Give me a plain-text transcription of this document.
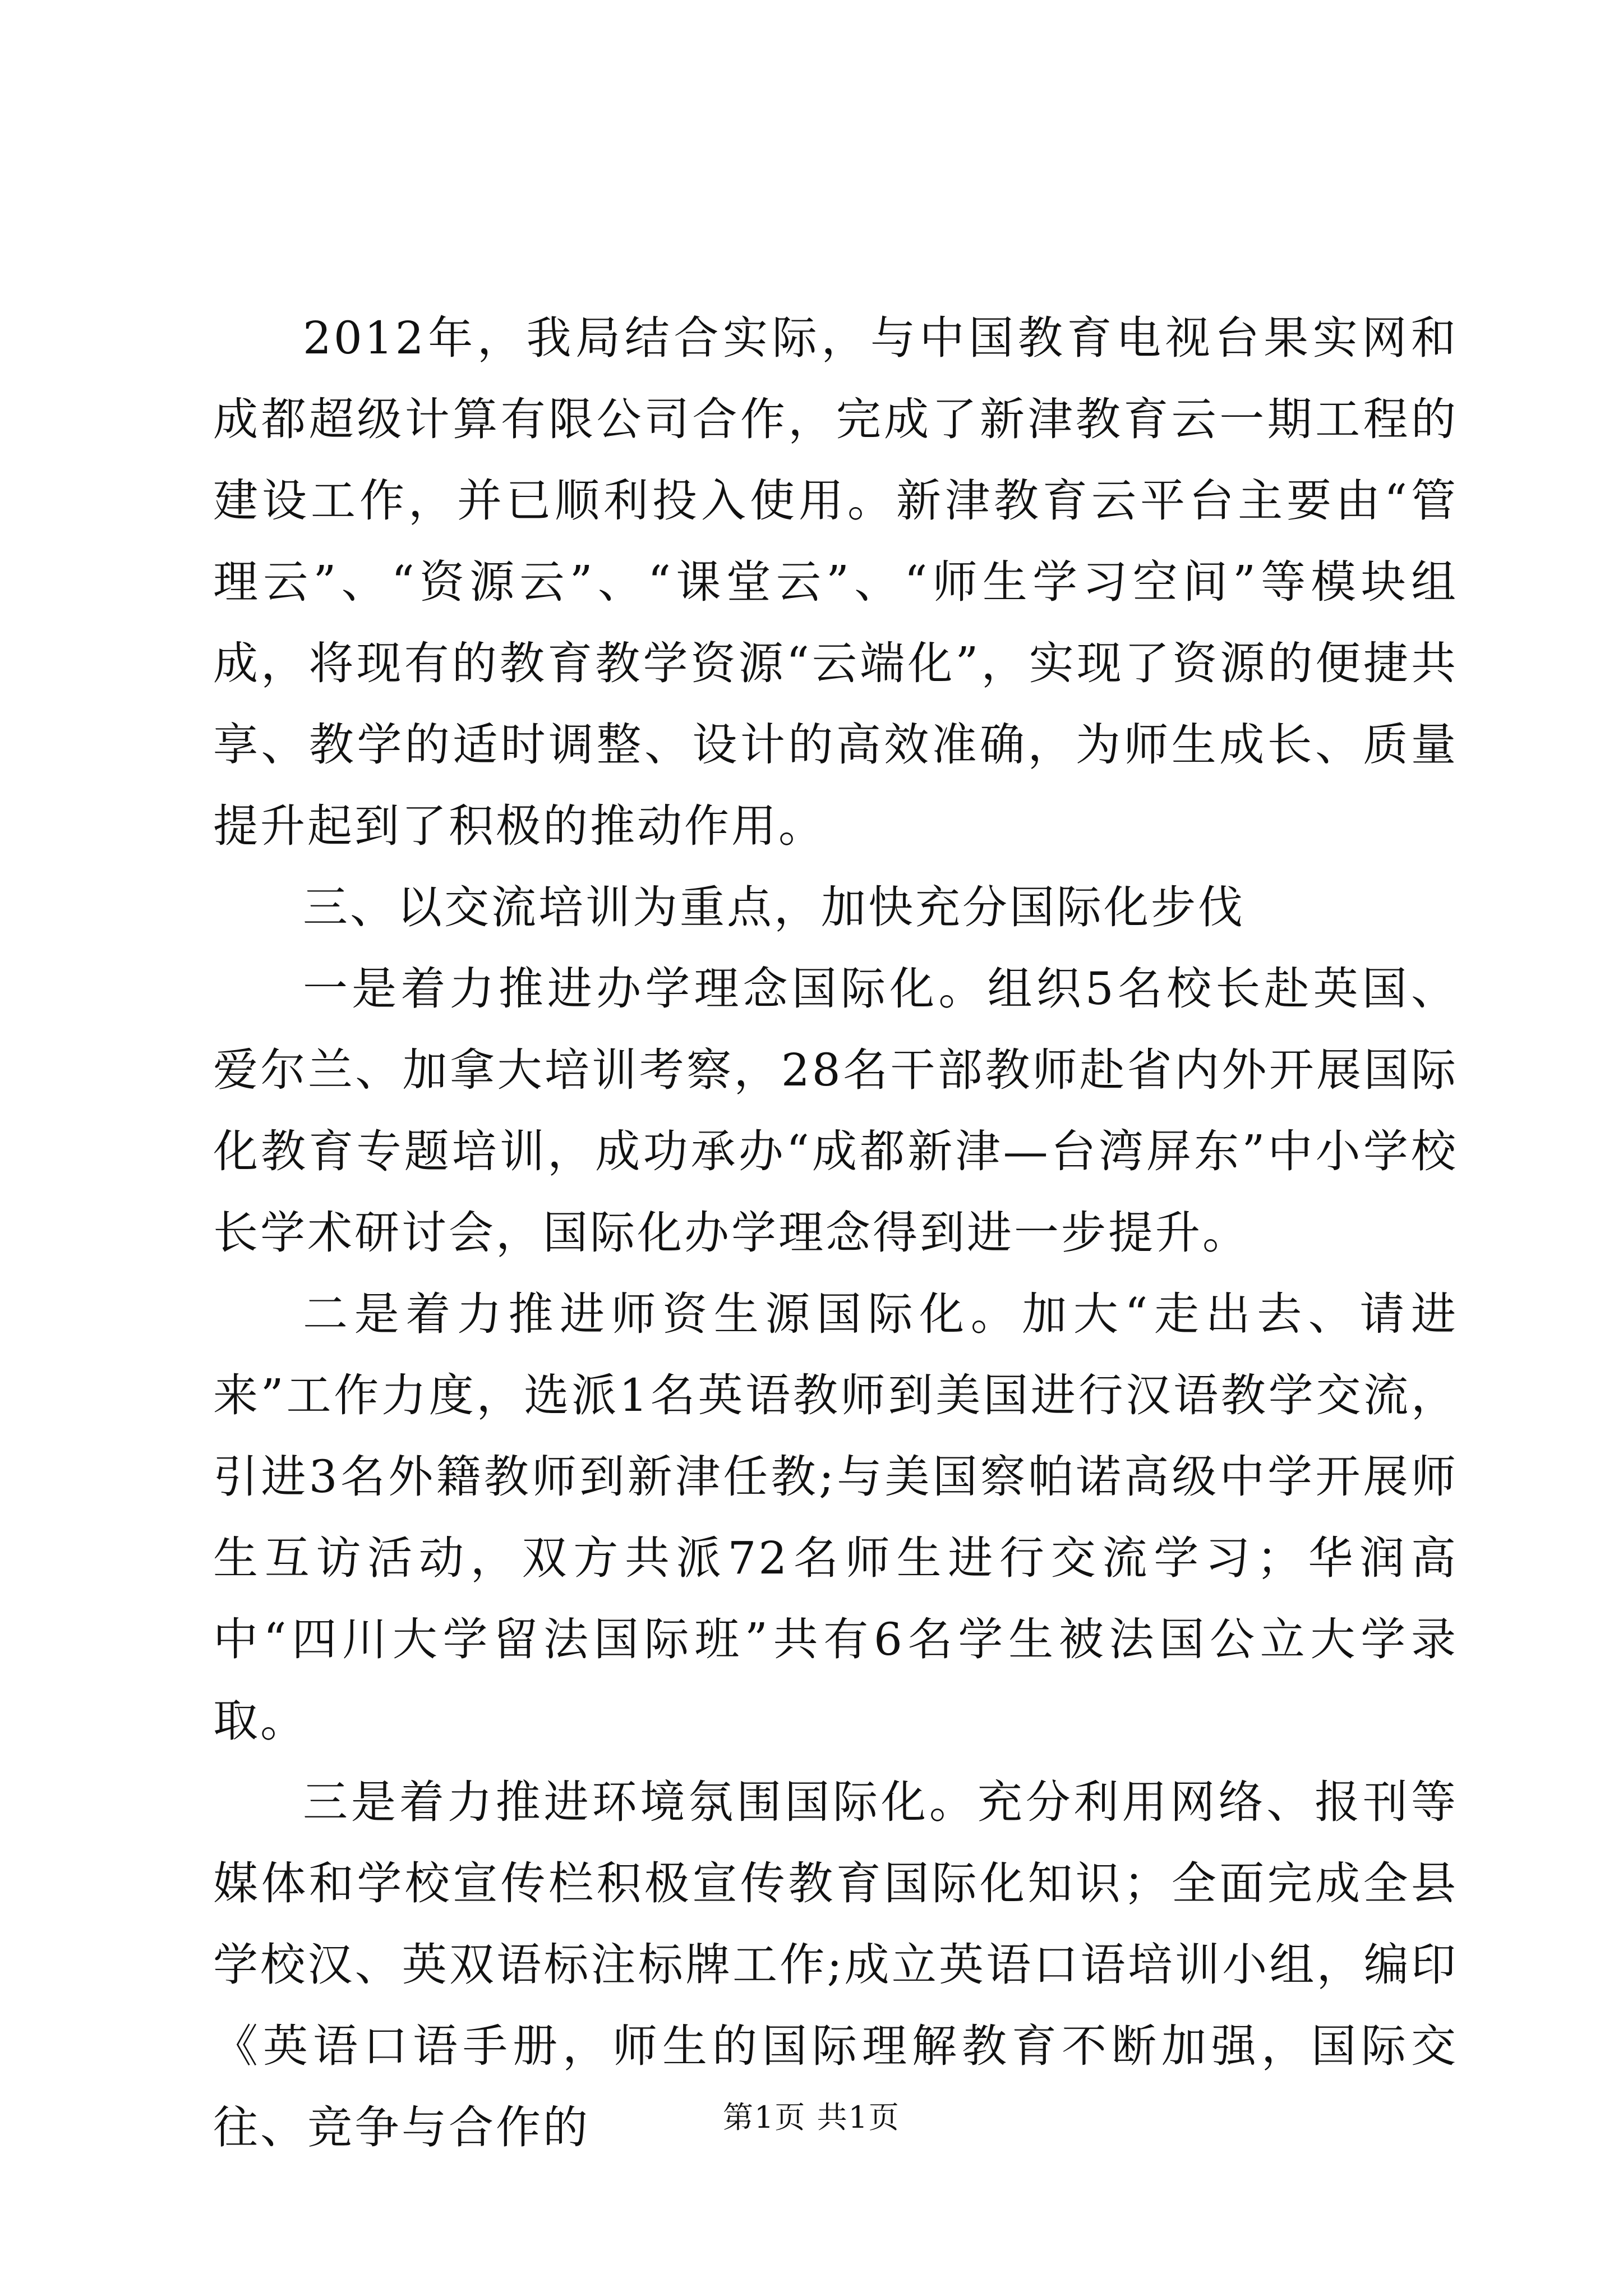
2012年，我局结合实际，与中国教育电视台果实网和成都超级计算有限公司合作，完成了新津教育云一期工程的建设工作，并已顺利投入使用。新津教育云平台主要由“管理云”、“资源云”、“课堂云”、“师生学习空间”等模块组成，将现有的教育教学资源“云端化”，实现了资源的便捷共享、教学的适时调整、设计的高效准确，为师生成长、质量提升起到了积极的推动作用。

三、以交流培训为重点，加快充分国际化步伐

一是着力推进办学理念国际化。组织5名校长赴英国、爱尔兰、加拿大培训考察，28名干部教师赴省内外开展国际化教育专题培训，成功承办“成都新津—台湾屏东”中小学校长学术研讨会，国际化办学理念得到进一步提升。

二是着力推进师资生源国际化。加大“走出去、请进来”工作力度，选派1名英语教师到美国进行汉语教学交流，引进3名外籍教师到新津任教;与美国察帕诺高级中学开展师生互访活动，双方共派72名师生进行交流学习；华润高中“四川大学留法国际班”共有6名学生被法国公立大学录取。

三是着力推进环境氛围国际化。充分利用网络、报刊等媒体和学校宣传栏积极宣传教育国际化知识；全面完成全县学校汉、英双语标注标牌工作;成立英语口语培训小组，编印《英语口语手册，师生的国际理解教育不断加强，国际交往、竞争与合作的	第1页 共1页
